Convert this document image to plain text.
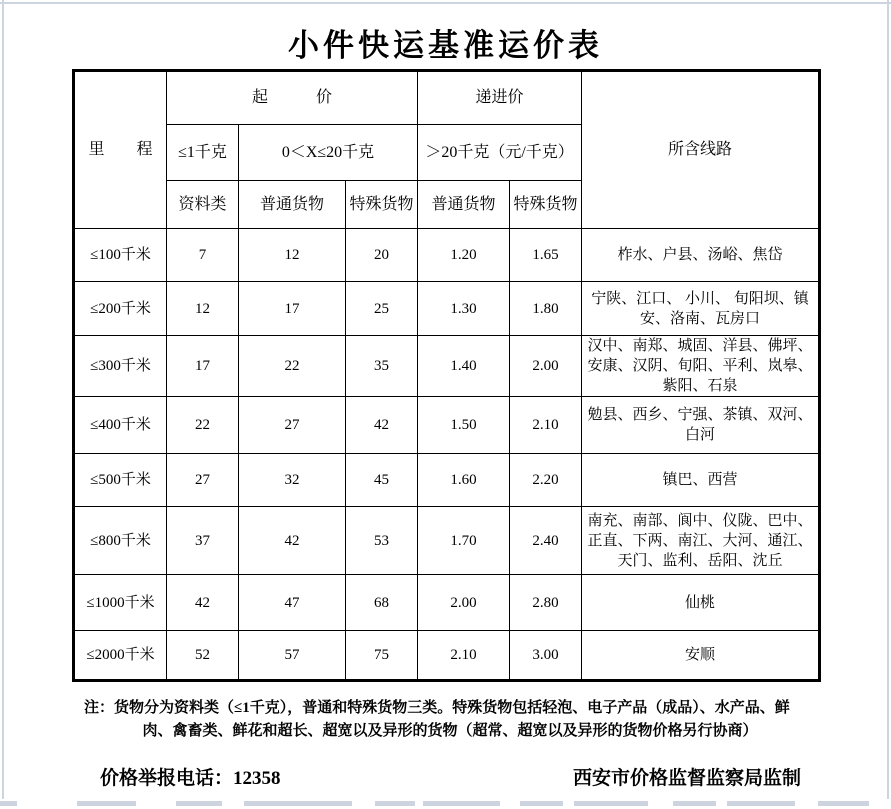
小件快运基准运价表
里　　程	起　　　价			递进价		所含线路
	≤1千克	0＜X≤20千克		＞20千克（元/千克）		
	资料类	普通货物	特殊货物	普通货物	特殊货物	
≤100千米	7	12	20	1.20	1.65	柞水、户县、汤峪、焦岱
≤200千米	12	17	25	1.30	1.80	宁陕、江口、 小川、 旬阳坝、镇安、洛南、瓦房口
≤300千米	17	22	35	1.40	2.00	汉中、南郑、城固、洋县、佛坪、安康、汉阴、旬阳、平利、岚皋、紫阳、石泉
≤400千米	22	27	42	1.50	2.10	勉县、西乡、宁强、茶镇、双河、白河
≤500千米	27	32	45	1.60	2.20	镇巴、西营
≤800千米	37	42	53	1.70	2.40	南充、南部、阆中、仪陇、巴中、正直、下两、南江、大河、通江、天门、监利、岳阳、沈丘
≤1000千米	42	47	68	2.00	2.80	仙桃
≤2000千米	52	57	75	2.10	3.00	安顺
注：货物分为资料类（≤1千克），普通和特殊货物三类。特殊货物包括轻泡、电子产品（成品）、水产品、鲜
肉、禽畜类、鲜花和超长、超宽以及异形的货物（超常、超宽以及异形的货物价格另行协商）
价格举报电话：12358	西安市价格监督监察局监制
